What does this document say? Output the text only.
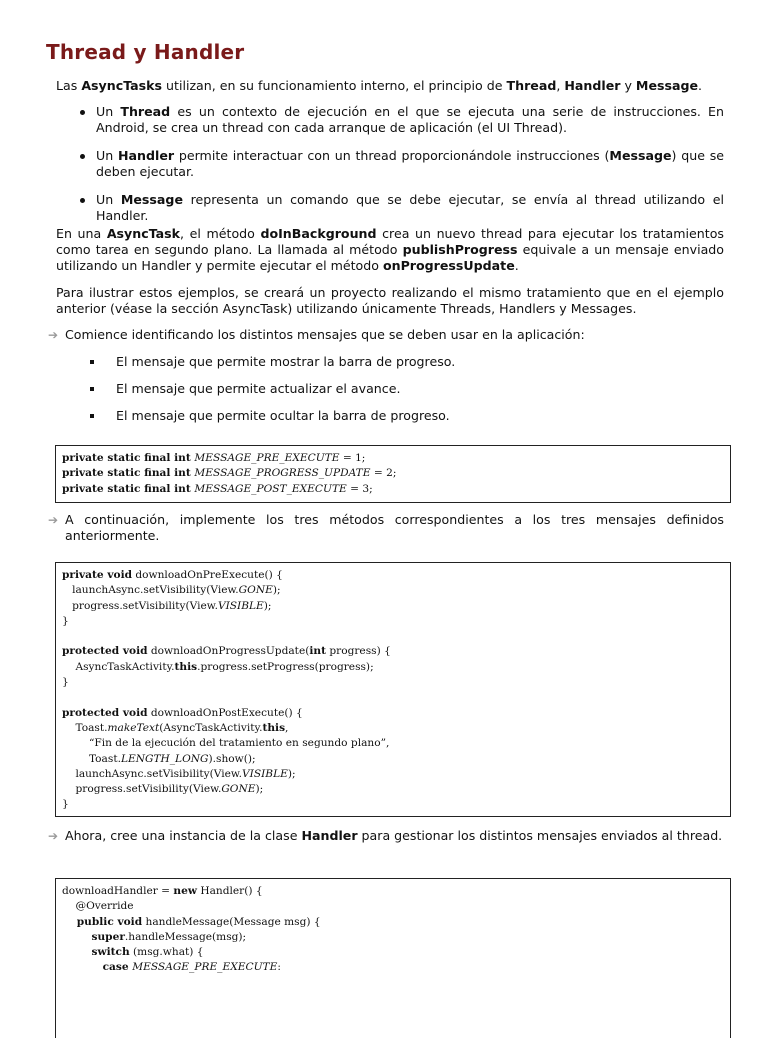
Thread y Handler

Las AsyncTasks utilizan, en su funcionamiento interno, el principio de Thread, Handler y Message.

Un Thread es un contexto de ejecución en el que se ejecuta una serie de instrucciones. En Android, se crea un thread con cada arranque de aplicación (el UI Thread).
Un Handler permite interactuar con un thread proporcionándole instrucciones (Message) que se deben ejecutar.
Un Message representa un comando que se debe ejecutar, se envía al thread utilizando el Handler.

En una AsyncTask, el método doInBackground crea un nuevo thread para ejecutar los tratamientos como tarea en segundo plano. La llamada al método publishProgress equivale a un mensaje enviado utilizando un Handler y permite ejecutar el método onProgressUpdate.

Para ilustrar estos ejemplos, se creará un proyecto realizando el mismo tratamiento que en el ejemplo anterior (véase la sección AsyncTask) utilizando únicamente Threads, Handlers y Messages.

➔ Comience identificando los distintos mensajes que se deben usar en la aplicación:
El mensaje que permite mostrar la barra de progreso.
El mensaje que permite actualizar el avance.
El mensaje que permite ocultar la barra de progreso.
private static final int MESSAGE_PRE_EXECUTE = 1;
private static final int MESSAGE_PROGRESS_UPDATE = 2;
private static final int MESSAGE_POST_EXECUTE = 3;
➔ A continuación, implemente los tres métodos correspondientes a los tres mensajes definidos anteriormente.
private void downloadOnPreExecute() {
launchAsync.setVisibility(View.GONE);
progress.setVisibility(View.VISIBLE);
}
protected void downloadOnProgressUpdate(int progress) {
AsyncTaskActivity.this.progress.setProgress(progress);
}
protected void downloadOnPostExecute() {
Toast.makeText(AsyncTaskActivity.this,
“Fin de la ejecución del tratamiento en segundo plano”,
Toast.LENGTH_LONG).show();
launchAsync.setVisibility(View.VISIBLE);
progress.setVisibility(View.GONE);
}
➔ Ahora, cree una instancia de la clase Handler para gestionar los distintos mensajes enviados al thread.
downloadHandler = new Handler() {
@Override
public void handleMessage(Message msg) {
super.handleMessage(msg);
switch (msg.what) {
case MESSAGE_PRE_EXECUTE:
